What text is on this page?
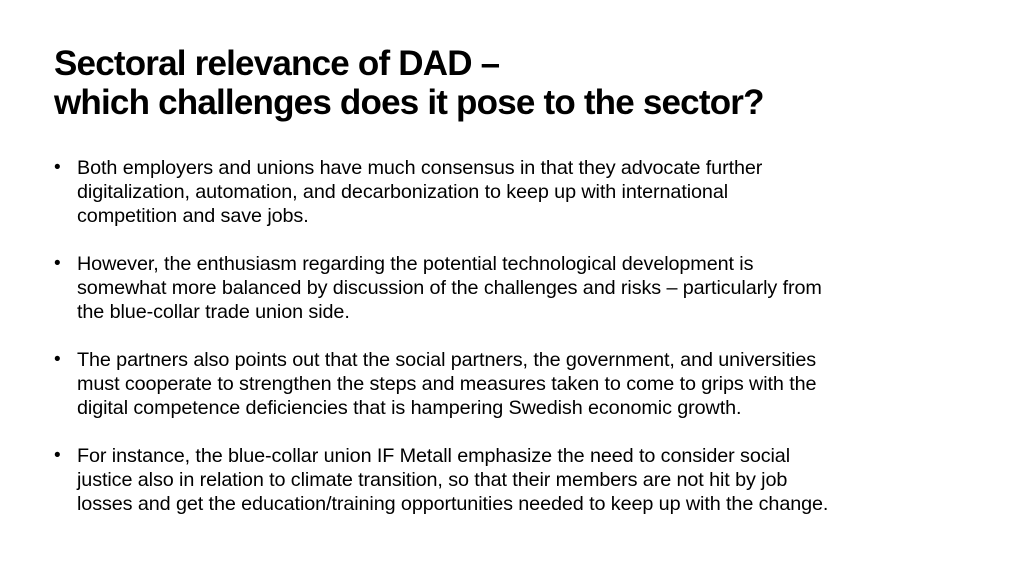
Sectoral relevance of DAD –
which challenges does it pose to the sector?
• Both employers and unions have much consensus in that they advocate further
digitalization, automation, and decarbonization to keep up with international
competition and save jobs.
• However, the enthusiasm regarding the potential technological development is
somewhat more balanced by discussion of the challenges and risks – particularly from
the blue-collar trade union side.
• The partners also points out that the social partners, the government, and universities
must cooperate to strengthen the steps and measures taken to come to grips with the
digital competence deficiencies that is hampering Swedish economic growth.
• For instance, the blue-collar union IF Metall emphasize the need to consider social
justice also in relation to climate transition, so that their members are not hit by job
losses and get the education/training opportunities needed to keep up with the change.
